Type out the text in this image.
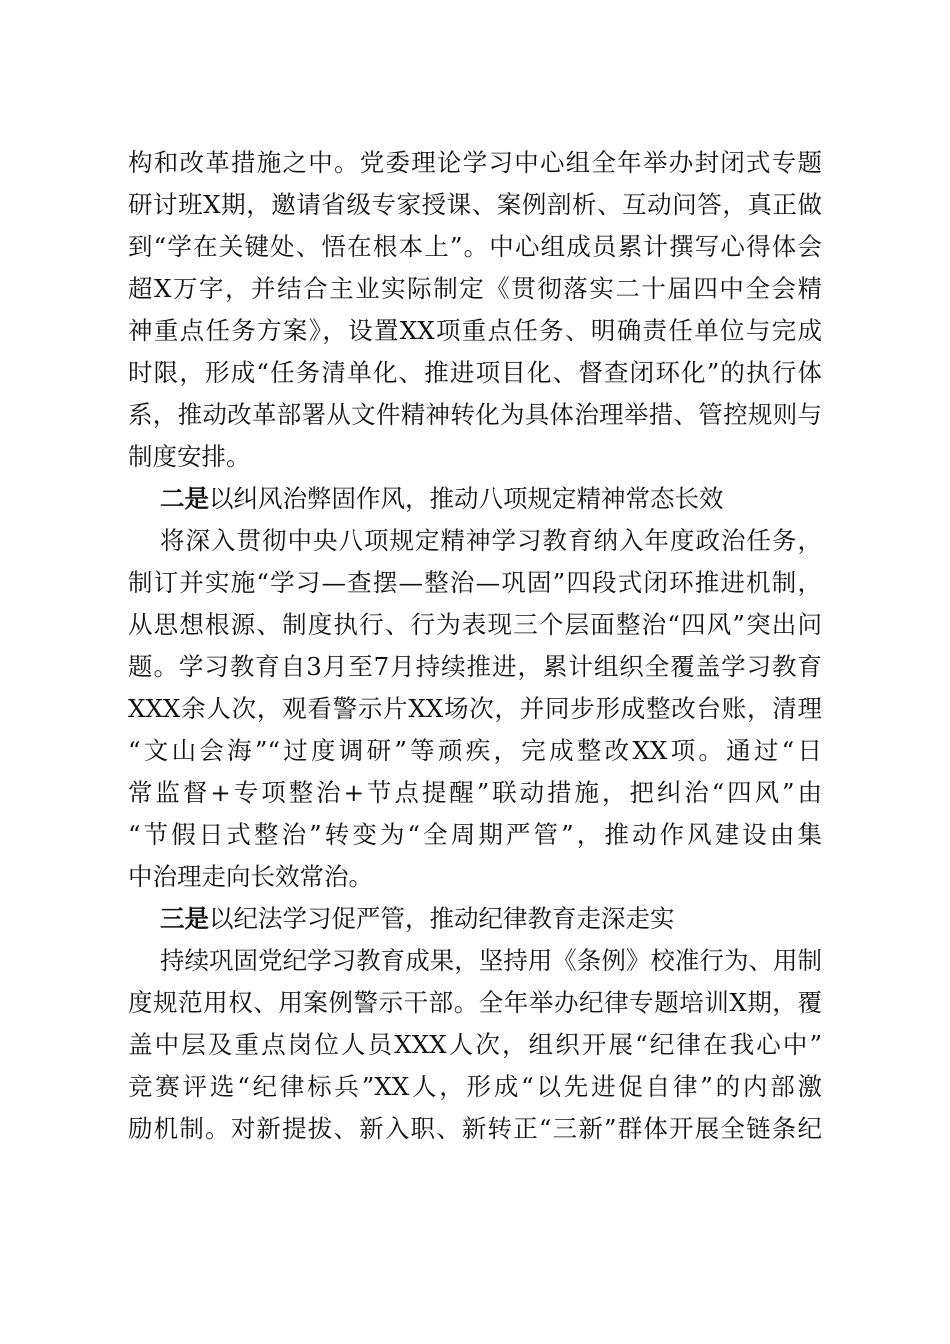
构和改革措施之中。党委理论学习中心组全年举办封闭式专题
研讨班X期，邀请省级专家授课、案例剖析、互动问答，真正做
到“学在关键处、悟在根本上”。中心组成员累计撰写心得体会
超X万字，并结合主业实际制定《贯彻落实二十届四中全会精
神重点任务方案》，设置XX项重点任务、明确责任单位与完成
时限，形成“任务清单化、推进项目化、督查闭环化”的执行体
系，推动改革部署从文件精神转化为具体治理举措、管控规则与
制度安排。
二是以纠风治弊固作风，推动八项规定精神常态长效
将深入贯彻中央八项规定精神学习教育纳入年度政治任务，
制订并实施“学习—查摆—整治—巩固”四段式闭环推进机制，
从思想根源、制度执行、行为表现三个层面整治“四风”突出问
题。学习教育自3月至7月持续推进，累计组织全覆盖学习教育
XXX余人次，观看警示片XX场次，并同步形成整改台账，清理
“文山会海”“过度调研”等顽疾，完成整改XX项。通过“日
常监督+专项整治+节点提醒”联动措施，把纠治“四风”由
“节假日式整治”转变为“全周期严管”，推动作风建设由集
中治理走向长效常治。
三是以纪法学习促严管，推动纪律教育走深走实
持续巩固党纪学习教育成果，坚持用《条例》校准行为、用制
度规范用权、用案例警示干部。全年举办纪律专题培训X期，覆
盖中层及重点岗位人员XXX人次，组织开展“纪律在我心中”
竞赛评选“纪律标兵”XX人，形成“以先进促自律”的内部激
励机制。对新提拔、新入职、新转正“三新”群体开展全链条纪
